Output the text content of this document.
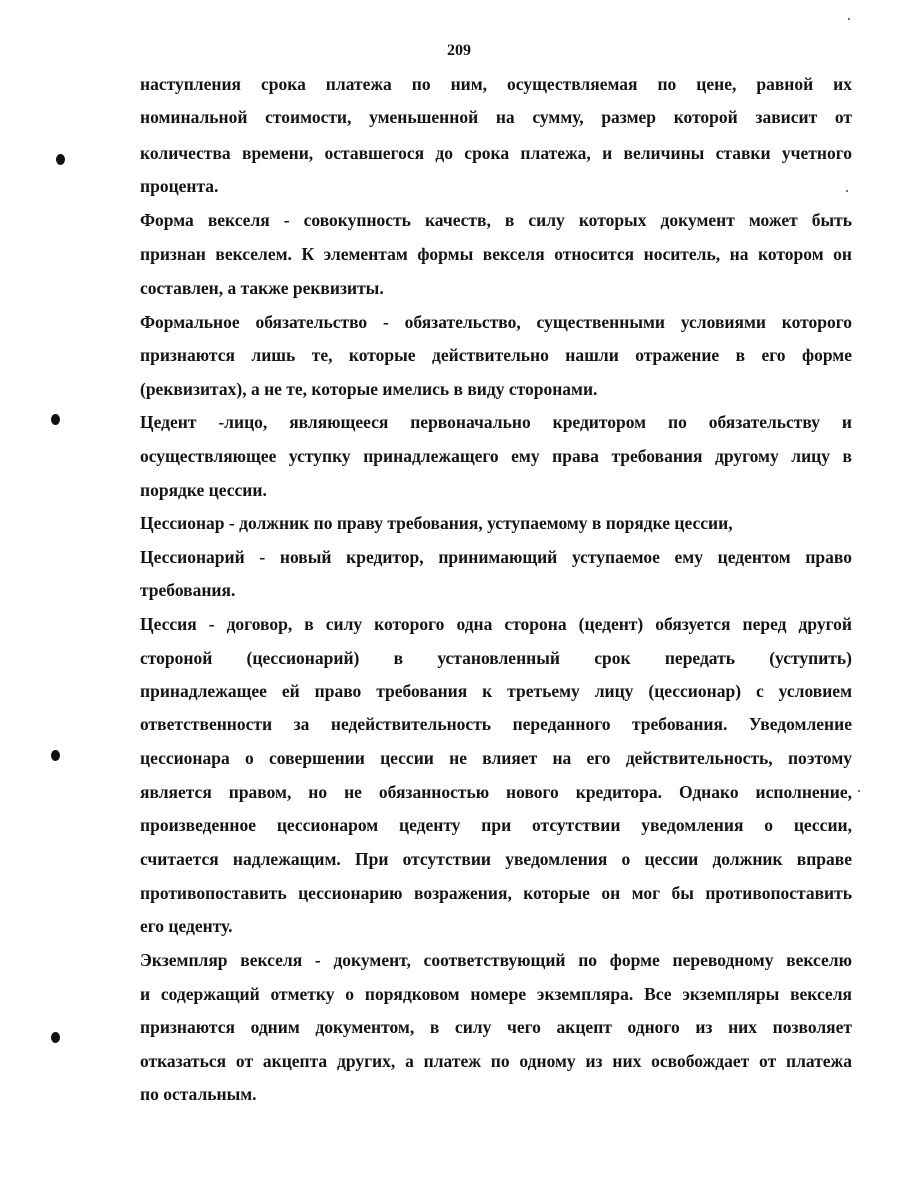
209
наступления срока платежа по ним, осуществляемая по цене, равной их
номинальной стоимости, уменьшенной на сумму, размер которой зависит от
количества времени, оставшегося до срока платежа, и величины ставки учетного
процента.
Форма векселя - совокупность качеств, в силу которых документ может быть
признан векселем. К элементам формы векселя относится носитель, на котором он
составлен, а также реквизиты.
Формальное обязательство - обязательство, существенными условиями которого
признаются лишь те, которые действительно нашли отражение в его форме
(реквизитах), а не те, которые имелись в виду сторонами.
Цедент -лицо, являющееся первоначально кредитором по обязательству и
осуществляющее уступку принадлежащего ему права требования другому лицу в
порядке цессии.
Цессионар - должник по праву требования, уступаемому в порядке цессии,
Цессионарий - новый кредитор, принимающий уступаемое ему цедентом право
требования.
Цессия - договор, в силу которого одна сторона (цедент) обязуется перед другой
стороной (цессионарий) в установленный срок передать (уступить)
принадлежащее ей право требования к третьему лицу (цессионар) с условием
ответственности за недействительность переданного требования. Уведомление
цессионара о совершении цессии не влияет на его действительность, поэтому
является правом, но не обязанностью нового кредитора. Однако исполнение,
произведенное цессионаром цеденту при отсутствии уведомления о цессии,
считается надлежащим. При отсутствии уведомления о цессии должник вправе
противопоставить цессионарию возражения, которые он мог бы противопоставить
его цеденту.
Экземпляр векселя - документ, соответствующий по форме переводному векселю
и содержащий отметку о порядковом номере экземпляра. Все экземпляры векселя
признаются одним документом, в силу чего акцепт одного из них позволяет
отказаться от акцепта других, а платеж по одному из них освобождает от платежа
по остальным.
